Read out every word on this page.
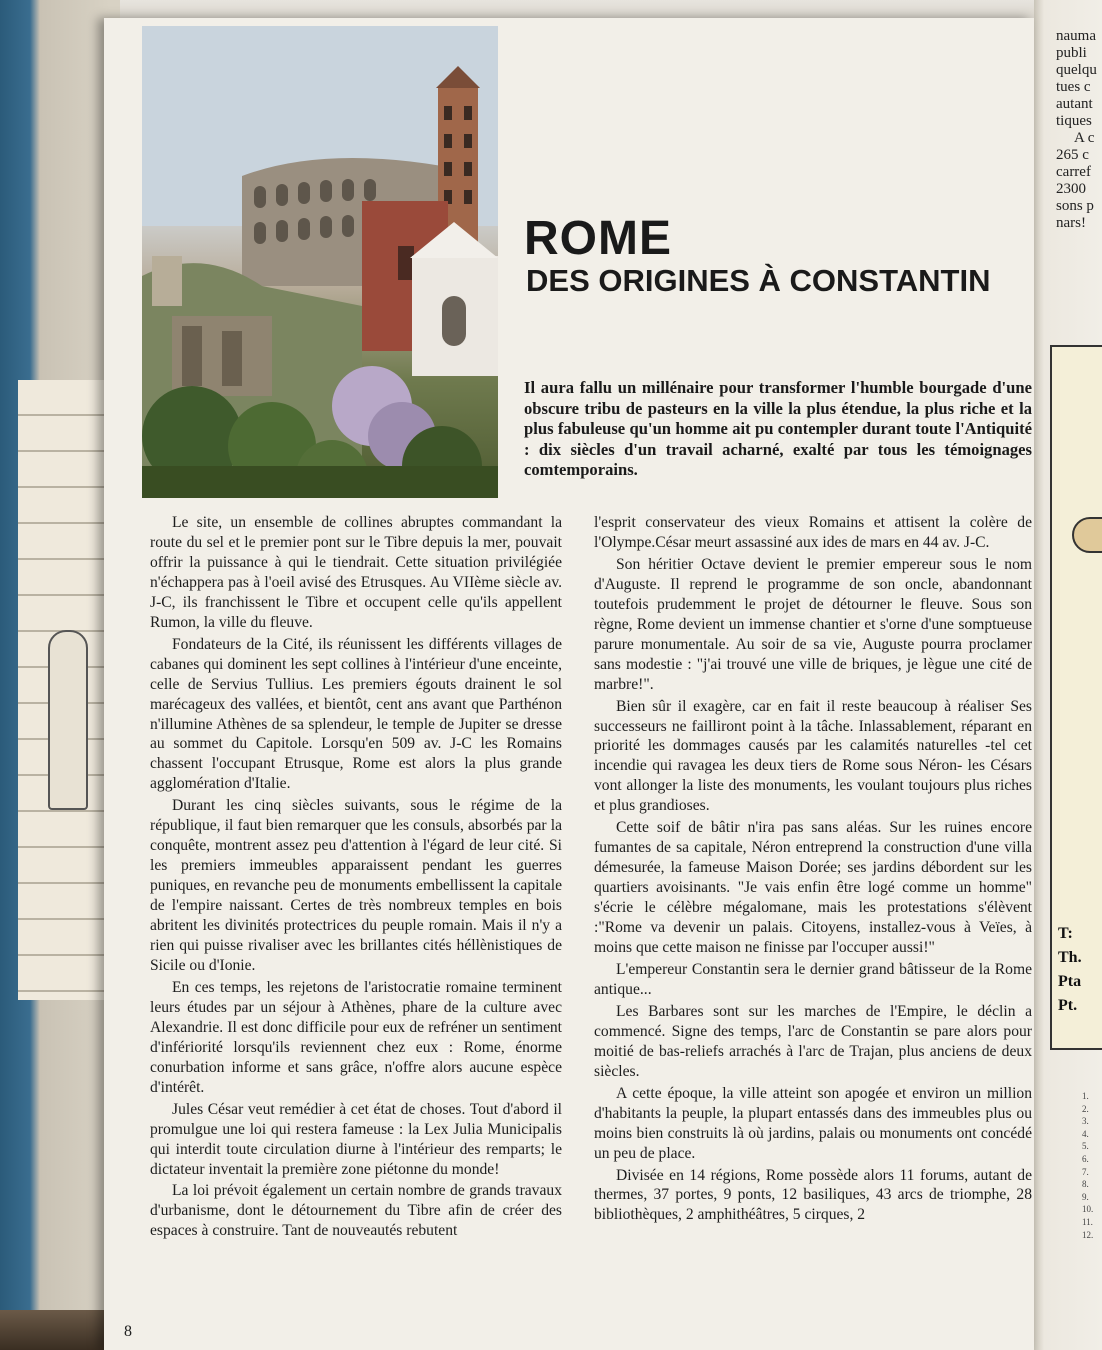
nauma
publi
quelqu
tues c
autant
tiques
A c
265 c
carref
2300
sons p
nars!
T:
Th.
Pta
Pt.
1.
2.
3.
4.
5.
6.
7.
8.
9.
10.
11.
12.
ROME
DES ORIGINES À CONSTANTIN
Il aura fallu un millénaire pour transformer l'humble bourgade d'une obscure tribu de pasteurs en la ville la plus étendue, la plus riche et la plus fabuleuse qu'un homme ait pu contempler durant toute l'Antiquité : dix siècles d'un travail acharné, exalté par tous les témoignages comtemporains.

Le site, un ensemble de collines abruptes commandant la route du sel et le premier pont sur le Tibre depuis la mer, pouvait offrir la puissance à qui le tiendrait. Cette situation privilégiée n'échappera pas à l'oeil avisé des Etrusques. Au VIIème siècle av. J-C, ils franchissent le Tibre et occupent celle qu'ils appellent Rumon, la ville du fleuve.

Fondateurs de la Cité, ils réunissent les différents villages de cabanes qui dominent les sept collines à l'intérieur d'une enceinte, celle de Servius Tullius. Les premiers égouts drainent le sol marécageux des vallées, et bientôt, cent ans avant que Parthénon n'illumine Athènes de sa splendeur, le temple de Jupiter se dresse au sommet du Capitole. Lorsqu'en 509 av. J-C les Romains chassent l'occupant Etrusque, Rome est alors la plus grande agglomération d'Italie.

Durant les cinq siècles suivants, sous le régime de la république, il faut bien remarquer que les consuls, absorbés par la conquête, montrent assez peu d'attention à l'égard de leur cité. Si les premiers immeubles apparaissent pendant les guerres puniques, en revanche peu de monuments embellissent la capitale de l'empire naissant. Certes de très nombreux temples en bois abritent les divinités protectrices du peuple romain. Mais il n'y a rien qui puisse rivaliser avec les brillantes cités héllènistiques de Sicile ou d'Ionie.

En ces temps, les rejetons de l'aristocratie romaine terminent leurs études par un séjour à Athènes, phare de la culture avec Alexandrie. Il est donc difficile pour eux de refréner un sentiment d'infériorité lorsqu'ils reviennent chez eux : Rome, énorme conurbation informe et sans grâce, n'offre alors aucune espèce d'intérêt.

Jules César veut remédier à cet état de choses. Tout d'abord il promulgue une loi qui restera fameuse : la Lex Julia Municipalis qui interdit toute circulation diurne à l'intérieur des remparts; le dictateur inventait la première zone piétonne du monde!

La loi prévoit également un certain nombre de grands travaux d'urbanisme, dont le détournement du Tibre afin de créer des espaces à construire. Tant de nouveautés rebutent

l'esprit conservateur des vieux Romains et attisent la colère de l'Olympe.César meurt assassiné aux ides de mars en 44 av. J-C.

Son héritier Octave devient le premier empereur sous le nom d'Auguste. Il reprend le programme de son oncle, abandonnant toutefois prudemment le projet de détourner le fleuve. Sous son règne, Rome devient un immense chantier et s'orne d'une somptueuse parure monumentale. Au soir de sa vie, Auguste pourra proclamer sans modestie : "j'ai trouvé une ville de briques, je lègue une cité de marbre!".

Bien sûr il exagère, car en fait il reste beaucoup à réaliser Ses successeurs ne failliront point à la tâche. Inlassablement, réparant en priorité les dommages causés par les calamités naturelles -tel cet incendie qui ravagea les deux tiers de Rome sous Néron- les Césars vont allonger la liste des monuments, les voulant toujours plus riches et plus grandioses.

Cette soif de bâtir n'ira pas sans aléas. Sur les ruines encore fumantes de sa capitale, Néron entreprend la construction d'une villa démesurée, la fameuse Maison Dorée; ses jardins débordent sur les quartiers avoisinants. "Je vais enfin être logé comme un homme" s'écrie le célèbre mégalomane, mais les protestations s'élèvent :"Rome va devenir un palais. Citoyens, installez-vous à Veïes, à moins que cette maison ne finisse par l'occuper aussi!"

L'empereur Constantin sera le dernier grand bâtisseur de la Rome antique...

Les Barbares sont sur les marches de l'Empire, le déclin a commencé. Signe des temps, l'arc de Constantin se pare alors pour moitié de bas-reliefs arrachés à l'arc de Trajan, plus anciens de deux siècles.

A cette époque, la ville atteint son apogée et environ un million d'habitants la peuple, la plupart entassés dans des immeubles plus ou moins bien construits là où jardins, palais ou monuments ont concédé un peu de place.

Divisée en 14 régions, Rome possède alors 11 forums, autant de thermes, 37 portes, 9 ponts, 12 basiliques, 43 arcs de triomphe, 28 bibliothèques, 2 amphithéâtres, 5 cirques, 2

8
